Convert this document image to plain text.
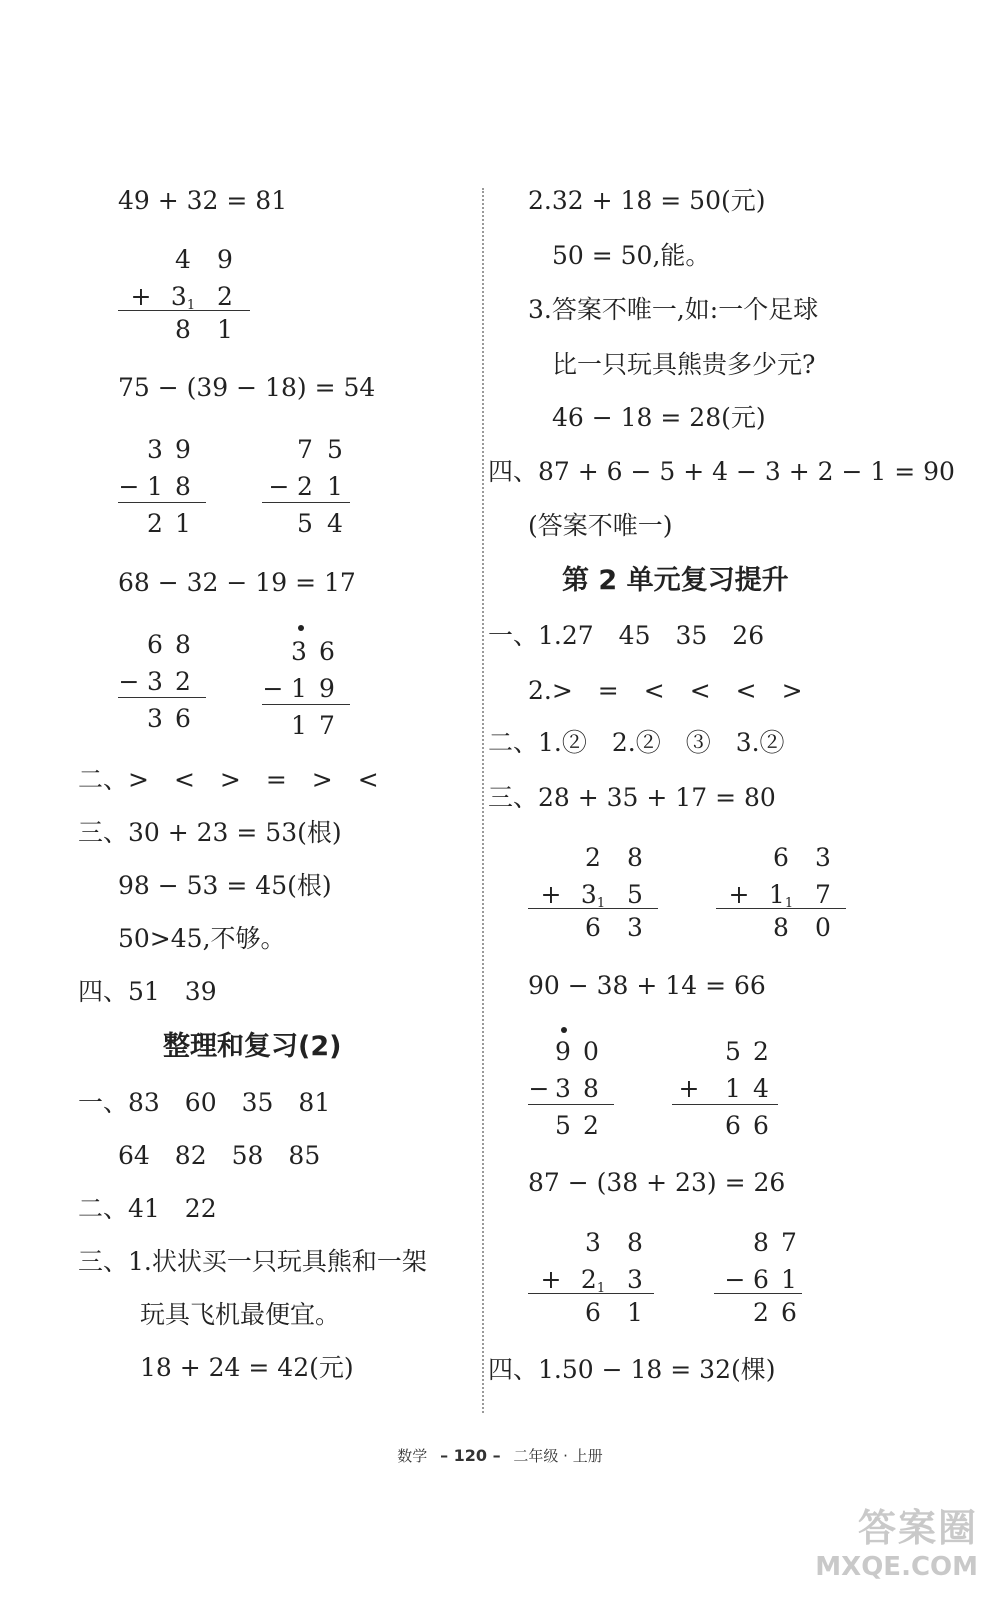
49 + 32 = 81
4	9
+ $3_1$ 2
8	1
75 − (39 − 18) = 54
3 9
− 1 8
2 1
7 5
− 2 1
5 4
68 − 32 − 19 = 17
6 8
− 3 2
3 6
3 6
− 1 9
1 7
二、>　<　>　=　>　<
三、30 + 23 = 53(根)
98 − 53 = 45(根)
50>45,不够。
四、51　39
整理和复习(2)
一、83　60　35　81
64　82　58　85
二、41　22
三、1.状状买一只玩具熊和一架
玩具飞机最便宜。
18 + 24 = 42(元)
2.32 + 18 = 50(元)
50 = 50,能。
3.答案不唯一,如:一个足球
比一只玩具熊贵多少元?
46 − 18 = 28(元)
四、87 + 6 − 5 + 4 − 3 + 2 − 1 = 90
(答案不唯一)
第 2 单元复习提升
一、1.27　45　35　26
2.>　=　<　<　<　>
二、1.②　2.②　③　3.②
三、28 + 35 + 17 = 80
2	8
+ $3_1$ 5
6	3
6	3
+ $1_1$ 7
8	0
90 − 38 + 14 = 66
9 0
− 3 8
5 2
5 2
+	1 4
6 6
87 − (38 + 23) = 26
3	8
+ $2_1$ 3
6	1
8 7
− 6 1
2 6
四、1.50 − 18 = 32(棵)
数学 – 120 – 二年级 · 上册
答案圈
MXQE.COM
